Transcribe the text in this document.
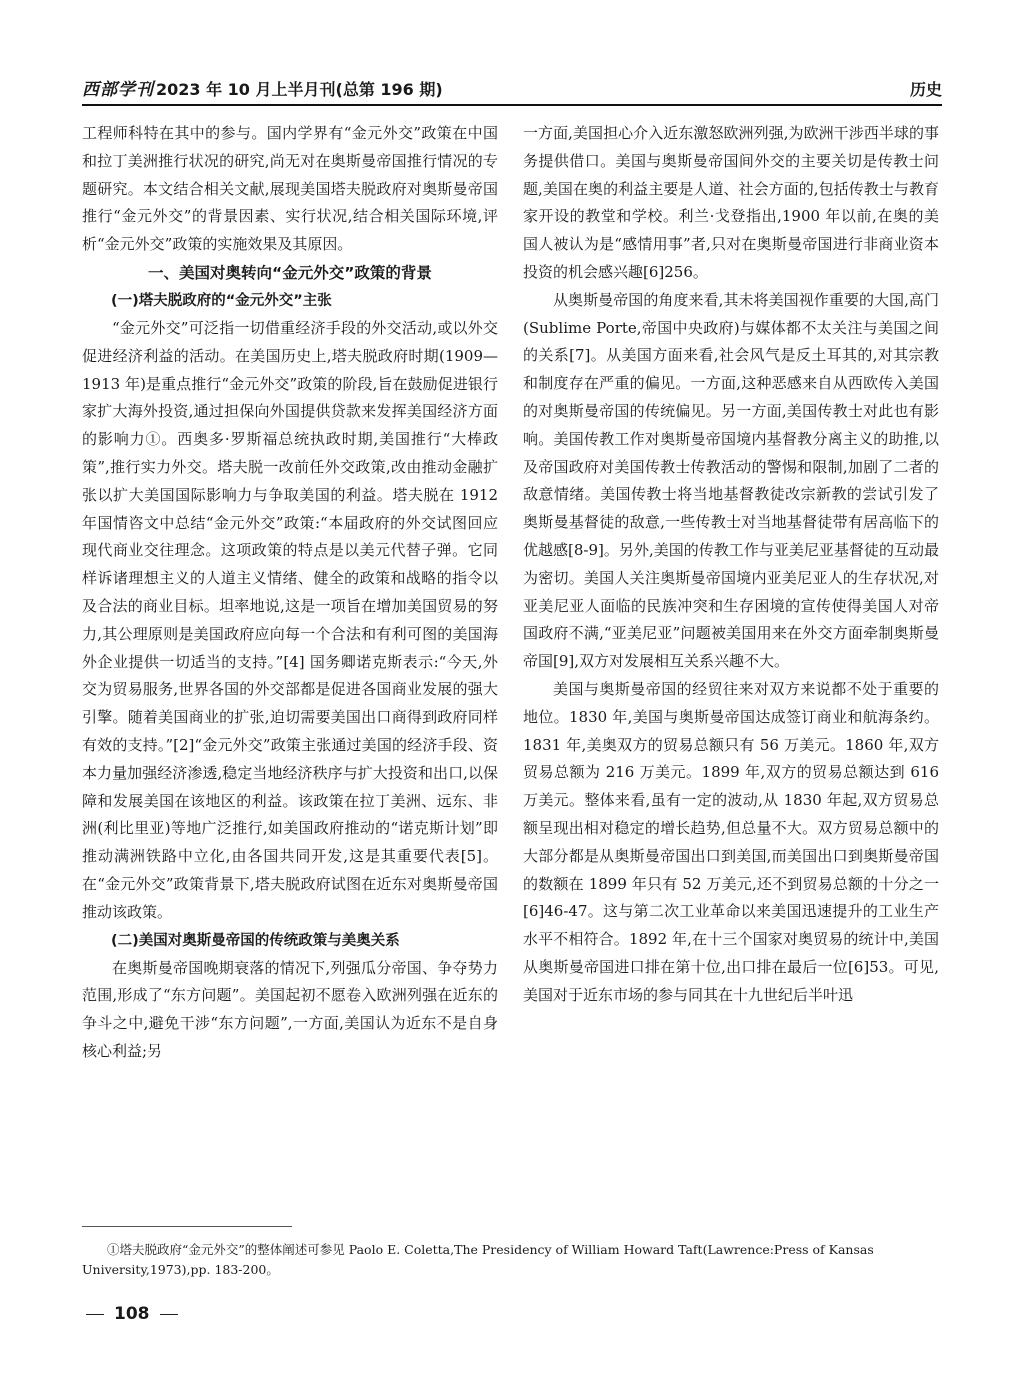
西部学刊 2023 年 10 月上半月刊(总第 196 期)	历史

工程师科特在其中的参与。国内学界有“金元外交”政策在中国和拉丁美洲推行状况的研究,尚无对在奥斯曼帝国推行情况的专题研究。本文结合相关文献,展现美国塔夫脱政府对奥斯曼帝国推行“金元外交”的背景因素、实行状况,结合相关国际环境,评析“金元外交”政策的实施效果及其原因。

一、美国对奥转向“金元外交”政策的背景
(一)塔夫脱政府的“金元外交”主张

“金元外交”可泛指一切借重经济手段的外交活动,或以外交促进经济利益的活动。在美国历史上,塔夫脱政府时期(1909—1913 年)是重点推行“金元外交”政策的阶段,旨在鼓励促进银行家扩大海外投资,通过担保向外国提供贷款来发挥美国经济方面的影响力①。西奥多·罗斯福总统执政时期,美国推行“大棒政策”,推行实力外交。塔夫脱一改前任外交政策,改由推动金融扩张以扩大美国国际影响力与争取美国的利益。塔夫脱在 1912 年国情咨文中总结“金元外交”政策:“本届政府的外交试图回应现代商业交往理念。这项政策的特点是以美元代替子弹。它同样诉诸理想主义的人道主义情绪、健全的政策和战略的指令以及合法的商业目标。坦率地说,这是一项旨在增加美国贸易的努力,其公理原则是美国政府应向每一个合法和有利可图的美国海外企业提供一切适当的支持。”[4] 国务卿诺克斯表示:“今天,外交为贸易服务,世界各国的外交部都是促进各国商业发展的强大引擎。随着美国商业的扩张,迫切需要美国出口商得到政府同样有效的支持。”[2]“金元外交”政策主张通过美国的经济手段、资本力量加强经济渗透,稳定当地经济秩序与扩大投资和出口,以保障和发展美国在该地区的利益。该政策在拉丁美洲、远东、非洲(利比里亚)等地广泛推行,如美国政府推动的“诺克斯计划”即推动满洲铁路中立化,由各国共同开发,这是其重要代表[5]。在“金元外交”政策背景下,塔夫脱政府试图在近东对奥斯曼帝国推动该政策。

(二)美国对奥斯曼帝国的传统政策与美奥关系

在奥斯曼帝国晚期衰落的情况下,列强瓜分帝国、争夺势力范围,形成了“东方问题”。美国起初不愿卷入欧洲列强在近东的争斗之中,避免干涉“东方问题”,一方面,美国认为近东不是自身核心利益;另

一方面,美国担心介入近东激怒欧洲列强,为欧洲干涉西半球的事务提供借口。美国与奥斯曼帝国间外交的主要关切是传教士问题,美国在奥的利益主要是人道、社会方面的,包括传教士与教育家开设的教堂和学校。利兰·戈登指出,1900 年以前,在奥的美国人被认为是“感情用事”者,只对在奥斯曼帝国进行非商业资本投资的机会感兴趣[6]256。

从奥斯曼帝国的角度来看,其未将美国视作重要的大国,高门(Sublime Porte,帝国中央政府)与媒体都不太关注与美国之间的关系[7]。从美国方面来看,社会风气是反土耳其的,对其宗教和制度存在严重的偏见。一方面,这种恶感来自从西欧传入美国的对奥斯曼帝国的传统偏见。另一方面,美国传教士对此也有影响。美国传教工作对奥斯曼帝国境内基督教分离主义的助推,以及帝国政府对美国传教士传教活动的警惕和限制,加剧了二者的敌意情绪。美国传教士将当地基督教徒改宗新教的尝试引发了奥斯曼基督徒的敌意,一些传教士对当地基督徒带有居高临下的优越感[8-9]。另外,美国的传教工作与亚美尼亚基督徒的互动最为密切。美国人关注奥斯曼帝国境内亚美尼亚人的生存状况,对亚美尼亚人面临的民族冲突和生存困境的宣传使得美国人对帝国政府不满,“亚美尼亚”问题被美国用来在外交方面牵制奥斯曼帝国[9],双方对发展相互关系兴趣不大。

美国与奥斯曼帝国的经贸往来对双方来说都不处于重要的地位。1830 年,美国与奥斯曼帝国达成签订商业和航海条约。1831 年,美奥双方的贸易总额只有 56 万美元。1860 年,双方贸易总额为 216 万美元。1899 年,双方的贸易总额达到 616 万美元。整体来看,虽有一定的波动,从 1830 年起,双方贸易总额呈现出相对稳定的增长趋势,但总量不大。双方贸易总额中的大部分都是从奥斯曼帝国出口到美国,而美国出口到奥斯曼帝国的数额在 1899 年只有 52 万美元,还不到贸易总额的十分之一[6]46-47。这与第二次工业革命以来美国迅速提升的工业生产水平不相符合。1892 年,在十三个国家对奥贸易的统计中,美国从奥斯曼帝国进口排在第十位,出口排在最后一位[6]53。可见,美国对于近东市场的参与同其在十九世纪后半叶迅

①塔夫脱政府“金元外交”的整体阐述可参见 Paolo E. Coletta,The Presidency of William Howard Taft(Lawrence:Press of Kansas University,1973),pp. 183-200。
108
